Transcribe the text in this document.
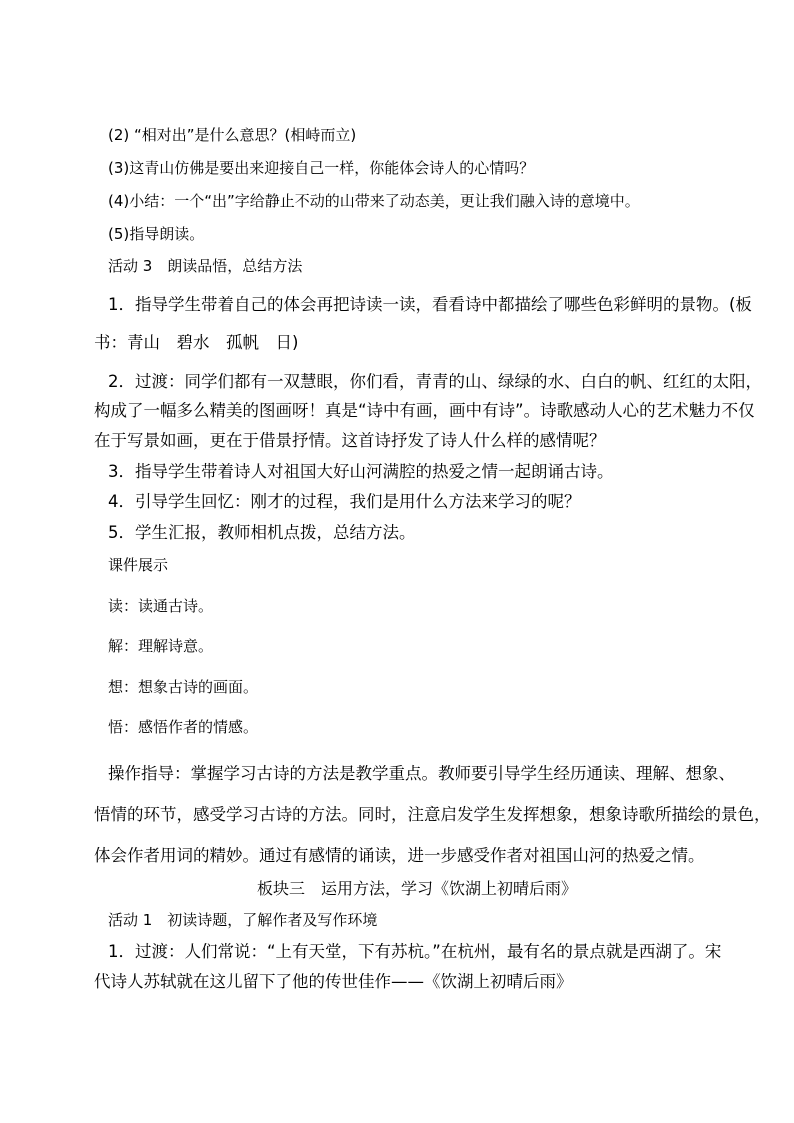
(2) “相对出”是什么意思？(相峙而立)
(3)这青山仿佛是要出来迎接自己一样，你能体会诗人的心情吗？
(4)小结：一个“出”字给静止不动的山带来了动态美，更让我们融入诗的意境中。
(5)指导朗读。
活动 3　朗读品悟，总结方法
1．指导学生带着自己的体会再把诗读一读，看看诗中都描绘了哪些色彩鲜明的景物。(板
书：青山　碧水　孤帆　日)
2．过渡：同学们都有一双慧眼，你们看，青青的山、绿绿的水、白白的帆、红红的太阳，
构成了一幅多么精美的图画呀！真是“诗中有画，画中有诗”。诗歌感动人心的艺术魅力不仅
在于写景如画，更在于借景抒情。这首诗抒发了诗人什么样的感情呢？
3．指导学生带着诗人对祖国大好山河满腔的热爱之情一起朗诵古诗。
4．引导学生回忆：刚才的过程，我们是用什么方法来学习的呢？
5．学生汇报，教师相机点拨，总结方法。
课件展示
读：读通古诗。
解：理解诗意。
想：想象古诗的画面。
悟：感悟作者的情感。
操作指导：掌握学习古诗的方法是教学重点。教师要引导学生经历通读、理解、想象、
悟情的环节，感受学习古诗的方法。同时，注意启发学生发挥想象，想象诗歌所描绘的景色，
体会作者用词的精妙。通过有感情的诵读，进一步感受作者对祖国山河的热爱之情。
板块三　运用方法，学习《饮湖上初晴后雨》
活动 1　初读诗题，了解作者及写作环境
1．过渡：人们常说：“上有天堂，下有苏杭。”在杭州，最有名的景点就是西湖了。宋
代诗人苏轼就在这儿留下了他的传世佳作——《饮湖上初晴后雨》
